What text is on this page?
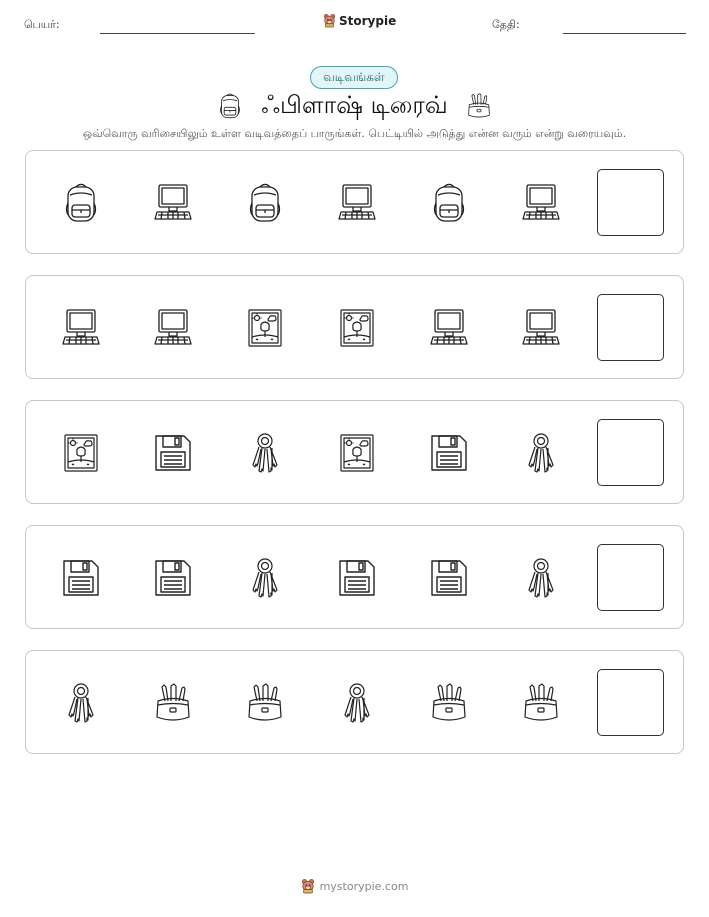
பெயர்:	Storypie	தேதி:
வடிவங்கள்
ஃபிளாஷ் டிரைவ்
ஒவ்வொரு வரிசையிலும் உள்ள வடிவத்தைப் பாருங்கள். பெட்டியில் அடுத்து என்ன வரும் என்று வரையவும்.
mystorypie.com
